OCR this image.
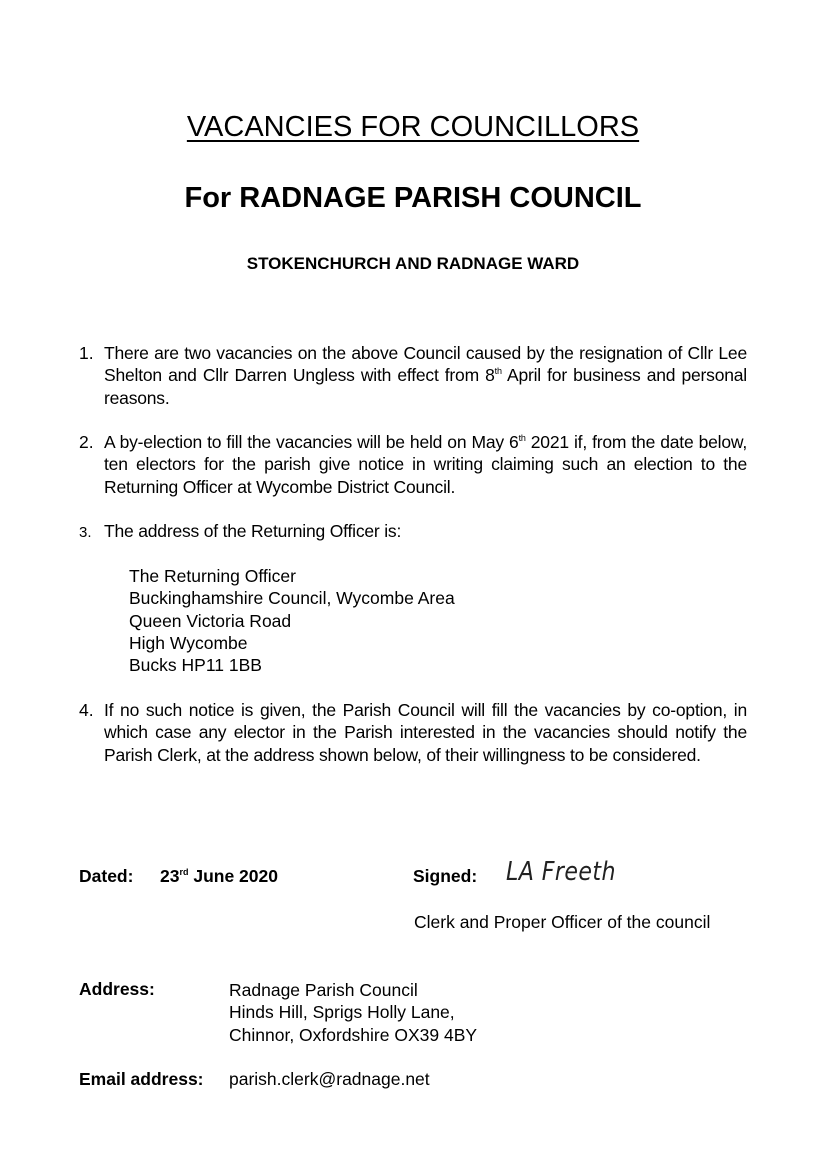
VACANCIES FOR COUNCILLORS
For RADNAGE PARISH COUNCIL
STOKENCHURCH AND RADNAGE WARD
1. There are two vacancies on the above Council caused by the resignation of Cllr Lee Shelton and Cllr Darren Ungless with effect from 8th April for business and personal reasons.
2. A by-election to fill the vacancies will be held on May 6th 2021 if, from the date below, ten electors for the parish give notice in writing claiming such an election to the Returning Officer at Wycombe District Council.
3. The address of the Returning Officer is:
The Returning Officer
Buckinghamshire Council, Wycombe Area
Queen Victoria Road
High Wycombe
Bucks HP11 1BB
4. If no such notice is given, the Parish Council will fill the vacancies by co-option, in which case any elector in the Parish interested in the vacancies should notify the Parish Clerk, at the address shown below, of their willingness to be considered.
Dated: 23rd June 2020	Signed: LA Freeth
Clerk and Proper Officer of the council
Address:	Radnage Parish Council
Hinds Hill, Sprigs Holly Lane,
Chinnor, Oxfordshire OX39 4BY
Email address: parish.clerk@radnage.net
